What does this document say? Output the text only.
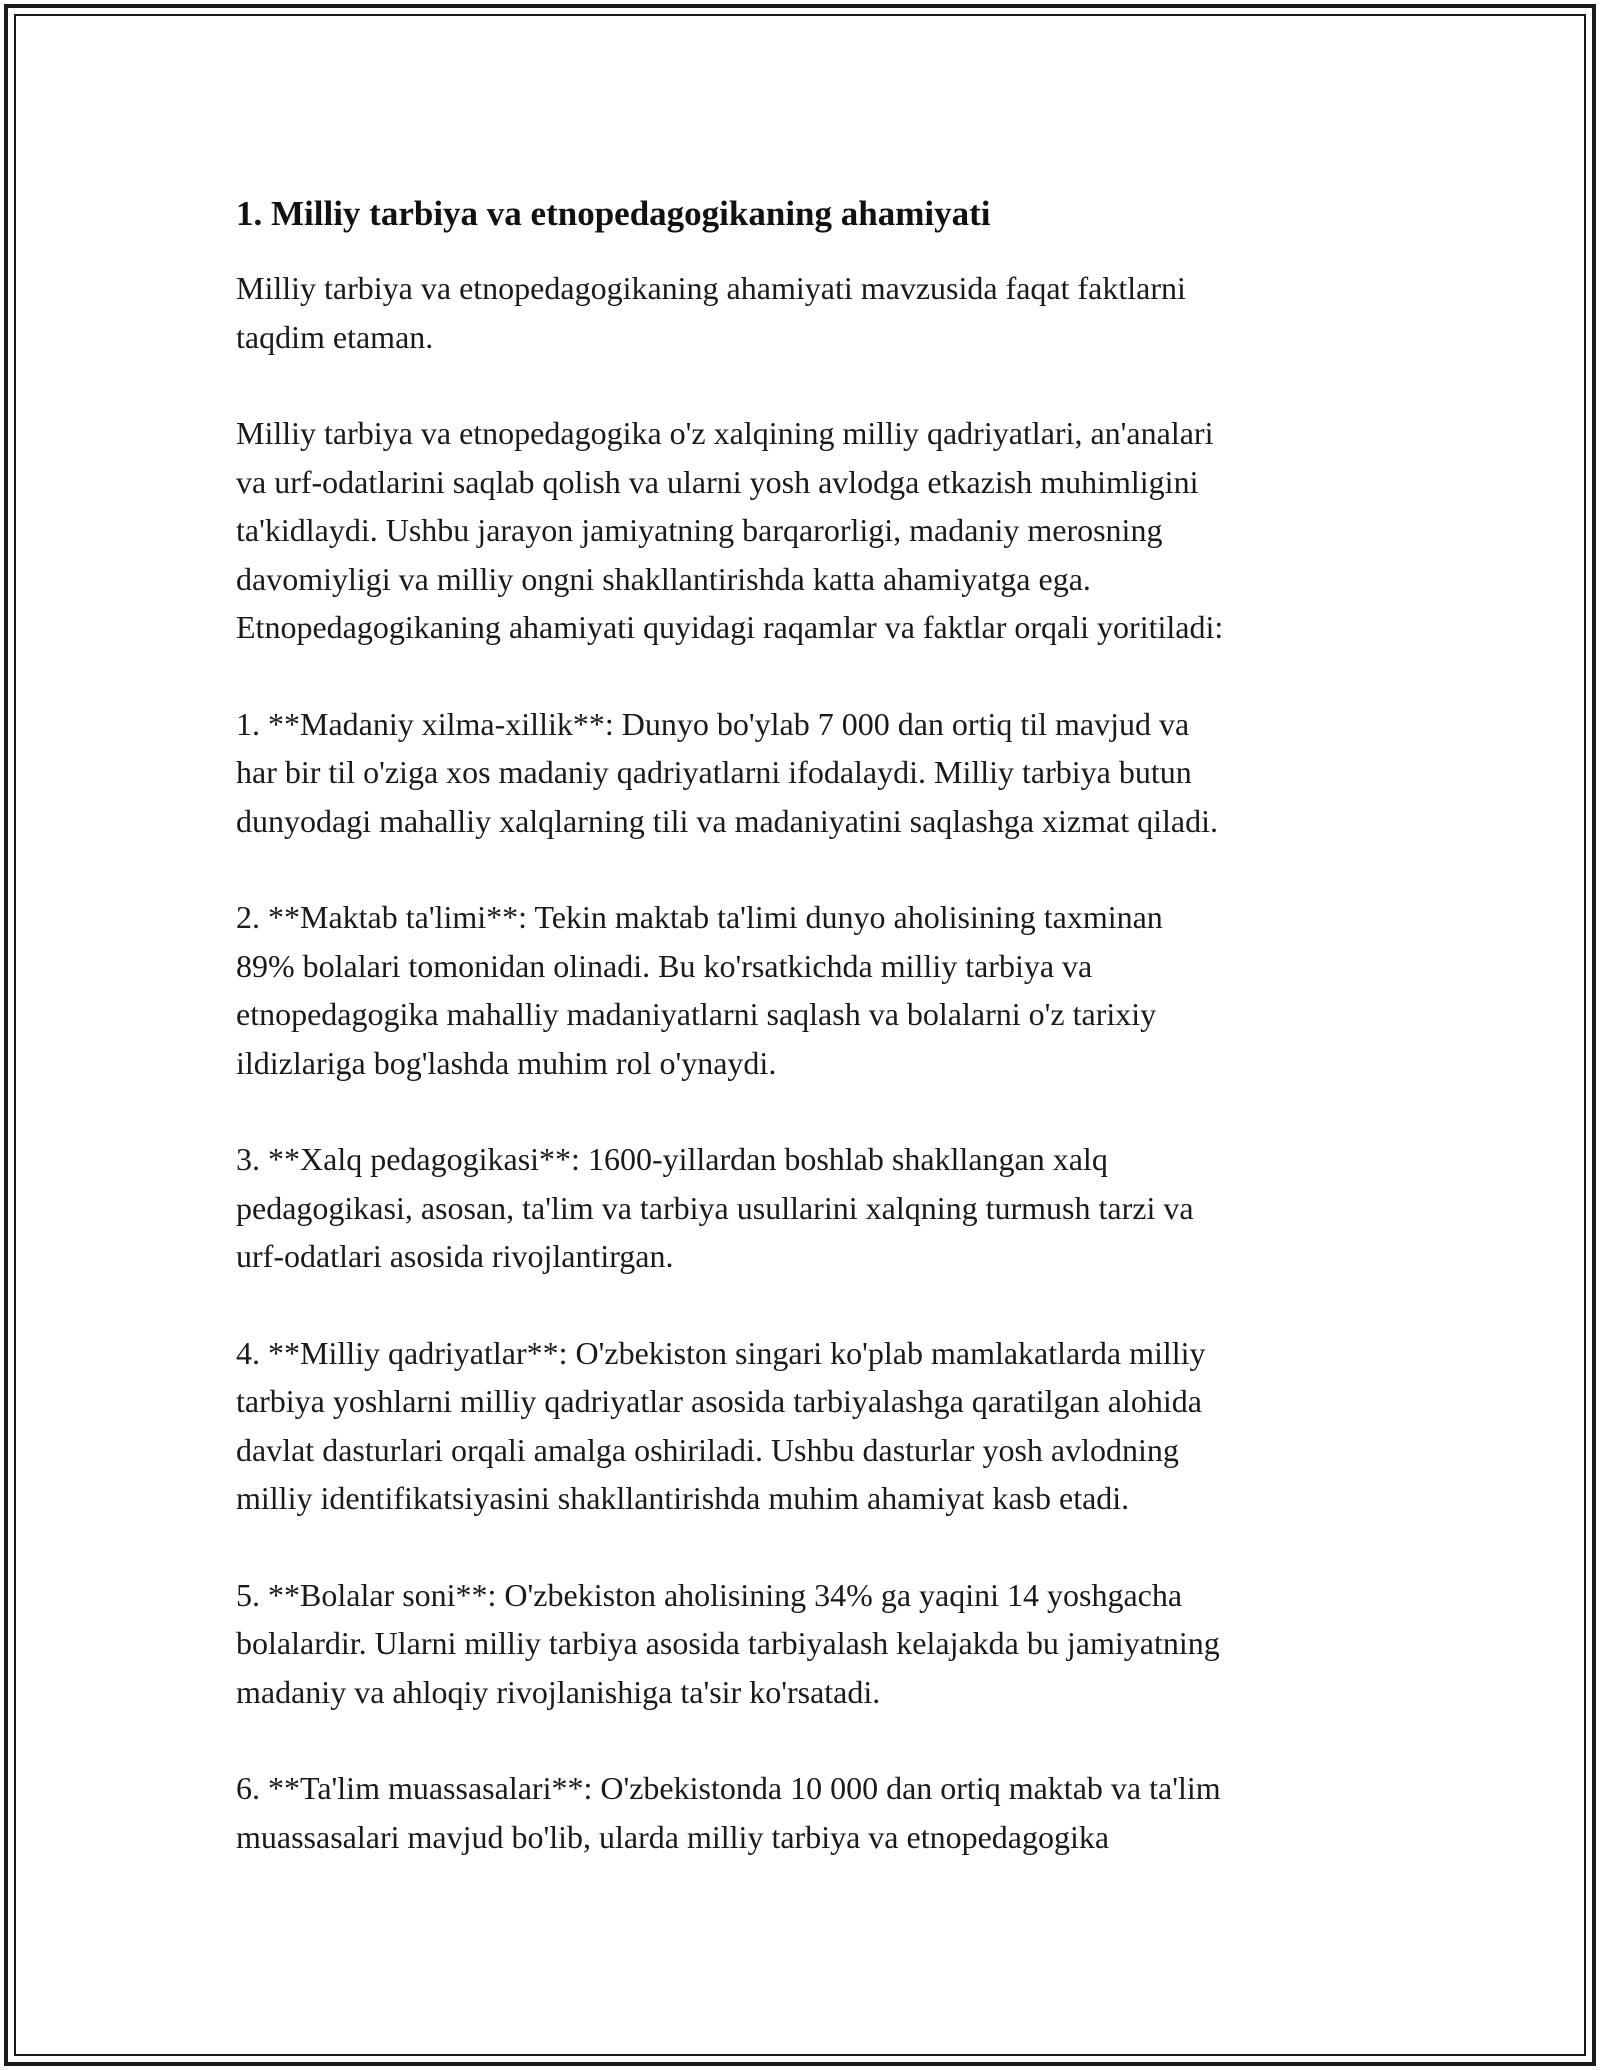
1. Milliy tarbiya va etnopedagogikaning ahamiyati

Milliy tarbiya va etnopedagogikaning ahamiyati mavzusida faqat faktlarni
taqdim etaman.

Milliy tarbiya va etnopedagogika o'z xalqining milliy qadriyatlari, an'analari
va urf-odatlarini saqlab qolish va ularni yosh avlodga etkazish muhimligini
ta'kidlaydi. Ushbu jarayon jamiyatning barqarorligi, madaniy merosning
davomiyligi va milliy ongni shakllantirishda katta ahamiyatga ega.
Etnopedagogikaning ahamiyati quyidagi raqamlar va faktlar orqali yoritiladi:

1. **Madaniy xilma-xillik**: Dunyo bo'ylab 7 000 dan ortiq til mavjud va
har bir til o'ziga xos madaniy qadriyatlarni ifodalaydi. Milliy tarbiya butun
dunyodagi mahalliy xalqlarning tili va madaniyatini saqlashga xizmat qiladi.

2. **Maktab ta'limi**: Tekin maktab ta'limi dunyo aholisining taxminan
89% bolalari tomonidan olinadi. Bu ko'rsatkichda milliy tarbiya va
etnopedagogika mahalliy madaniyatlarni saqlash va bolalarni o'z tarixiy
ildizlariga bog'lashda muhim rol o'ynaydi.

3. **Xalq pedagogikasi**: 1600-yillardan boshlab shakllangan xalq
pedagogikasi, asosan, ta'lim va tarbiya usullarini xalqning turmush tarzi va
urf-odatlari asosida rivojlantirgan.

4. **Milliy qadriyatlar**: O'zbekiston singari ko'plab mamlakatlarda milliy
tarbiya yoshlarni milliy qadriyatlar asosida tarbiyalashga qaratilgan alohida
davlat dasturlari orqali amalga oshiriladi. Ushbu dasturlar yosh avlodning
milliy identifikatsiyasini shakllantirishda muhim ahamiyat kasb etadi.

5. **Bolalar soni**: O'zbekiston aholisining 34% ga yaqini 14 yoshgacha
bolalardir. Ularni milliy tarbiya asosida tarbiyalash kelajakda bu jamiyatning
madaniy va ahloqiy rivojlanishiga ta'sir ko'rsatadi.

6. **Ta'lim muassasalari**: O'zbekistonda 10 000 dan ortiq maktab va ta'lim
muassasalari mavjud bo'lib, ularda milliy tarbiya va etnopedagogika
